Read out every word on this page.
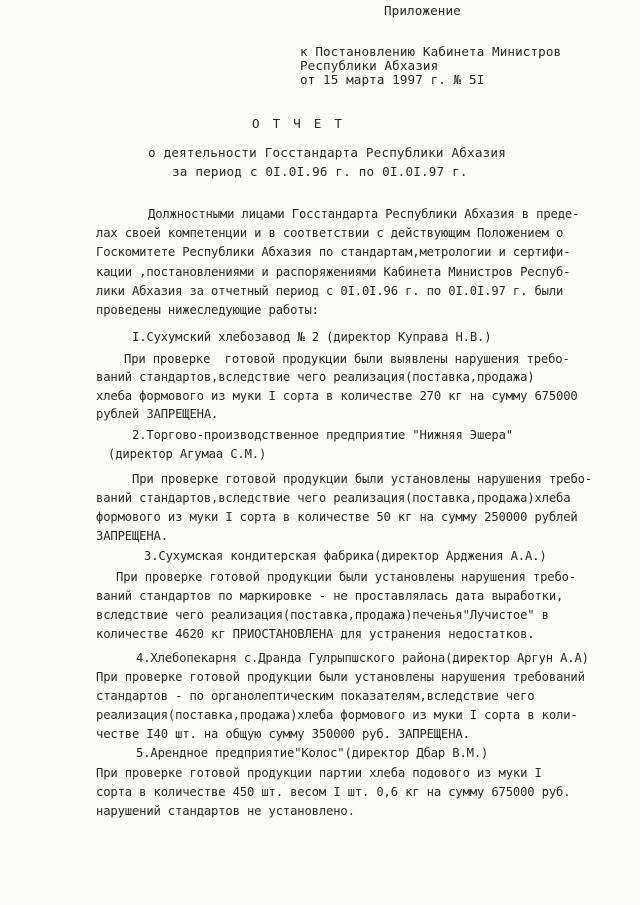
Приложение
к Постановлению Кабинета Министров
Республики Абхазия
от 15 марта 1997 г. № 5I
ОТЧЕТ
о деятельности Госстандарта Республики Абхазия
за период с 0I.0I.96 г. по 0I.0I.97 г.
Должностными лицами Госстандарта Республики Абхазия в преде-
лах своей компетенции и в соответствии с действующим Положением о
Госкомитете Республики Абхазия по стандартам,метрологии и сертифи-
кации ,постановлениями и распоряжениями Кабинета Министров Респуб-
лики Абхазия за отчетный период с 0I.0I.96 г. по 0I.0I.97 г. были
проведены нижеследующие работы:
I.Сухумский хлебозавод № 2 (директор Куправа Н.В.)
При проверке  готовой продукции были выявлены нарушения требо-
ваний стандартов,вследствие чего реализация(поставка,продажа)
хлеба формового из муки I сорта в количестве 270 кг на сумму 675000
рублей ЗАПРЕЩЕНА.
2.Торгово-производственное предприятие "Нижняя Эшера"
(директор Агумаа С.М.)
При проверке готовой продукции были установлены нарушения требо-
ваний стандартов,вследствие чего реализация(поставка,продажа)хлеба
формового из муки I сорта в количестве 50 кг на сумму 250000 рублей
ЗАПРЕЩЕНА.
3.Сухумская кондитерская фабрика(директор Арджения А.А.)
При проверке готовой продукции были установлены нарушения требо-
ваний стандартов по маркировке - не проставлялась дата выработки,
вследствие чего реализация(поставка,продажа)печенья"Лучистое" в
количестве 4620 кг ПРИОСТАНОВЛЕНА для устранения недостатков.
4.Хлебопекарня с.Дранда Гулрыпшского района(директор Аргун А.А)
При проверке готовой продукции были установлены нарушения требований
стандартов - по органолептическим показателям,вследствие чего
реализация(поставка,продажа)хлеба формового из муки I сорта в коли-
честве I40 шт. на общую сумму 350000 руб. ЗАПРЕЩЕНА.
5.Арендное предприятие"Колос"(директор Дбар В.М.)
При проверке готовой продукции партии хлеба подового из муки I
сорта в количестве 450 шт. весом I шт. 0,6 кг на сумму 675000 руб.
нарушений стандартов не установлено.
